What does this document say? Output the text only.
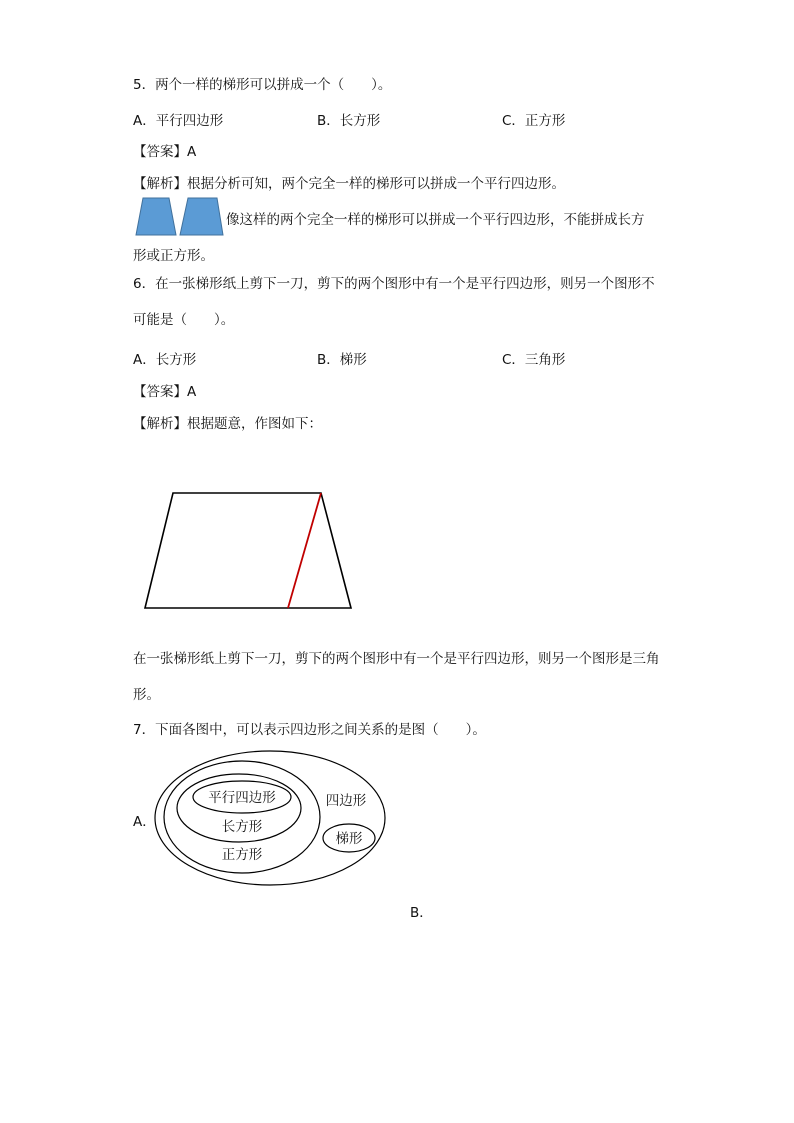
5．两个一样的梯形可以拼成一个（　　）。
A．平行四边形	B．长方形	C．正方形
【答案】A
【解析】根据分析可知，两个完全一样的梯形可以拼成一个平行四边形。
像这样的两个完全一样的梯形可以拼成一个平行四边形，不能拼成长方
形或正方形。
6．在一张梯形纸上剪下一刀，剪下的两个图形中有一个是平行四边形，则另一个图形不可能是（　　）。
A．长方形	B．梯形	C．三角形
【答案】A
【解析】根据题意，作图如下：
在一张梯形纸上剪下一刀，剪下的两个图形中有一个是平行四边形，则另一个图形是三角形。
7．下面各图中，可以表示四边形之间关系的是图（　　）。
A．
平行四边形
长方形
正方形
四边形
梯形
B．
